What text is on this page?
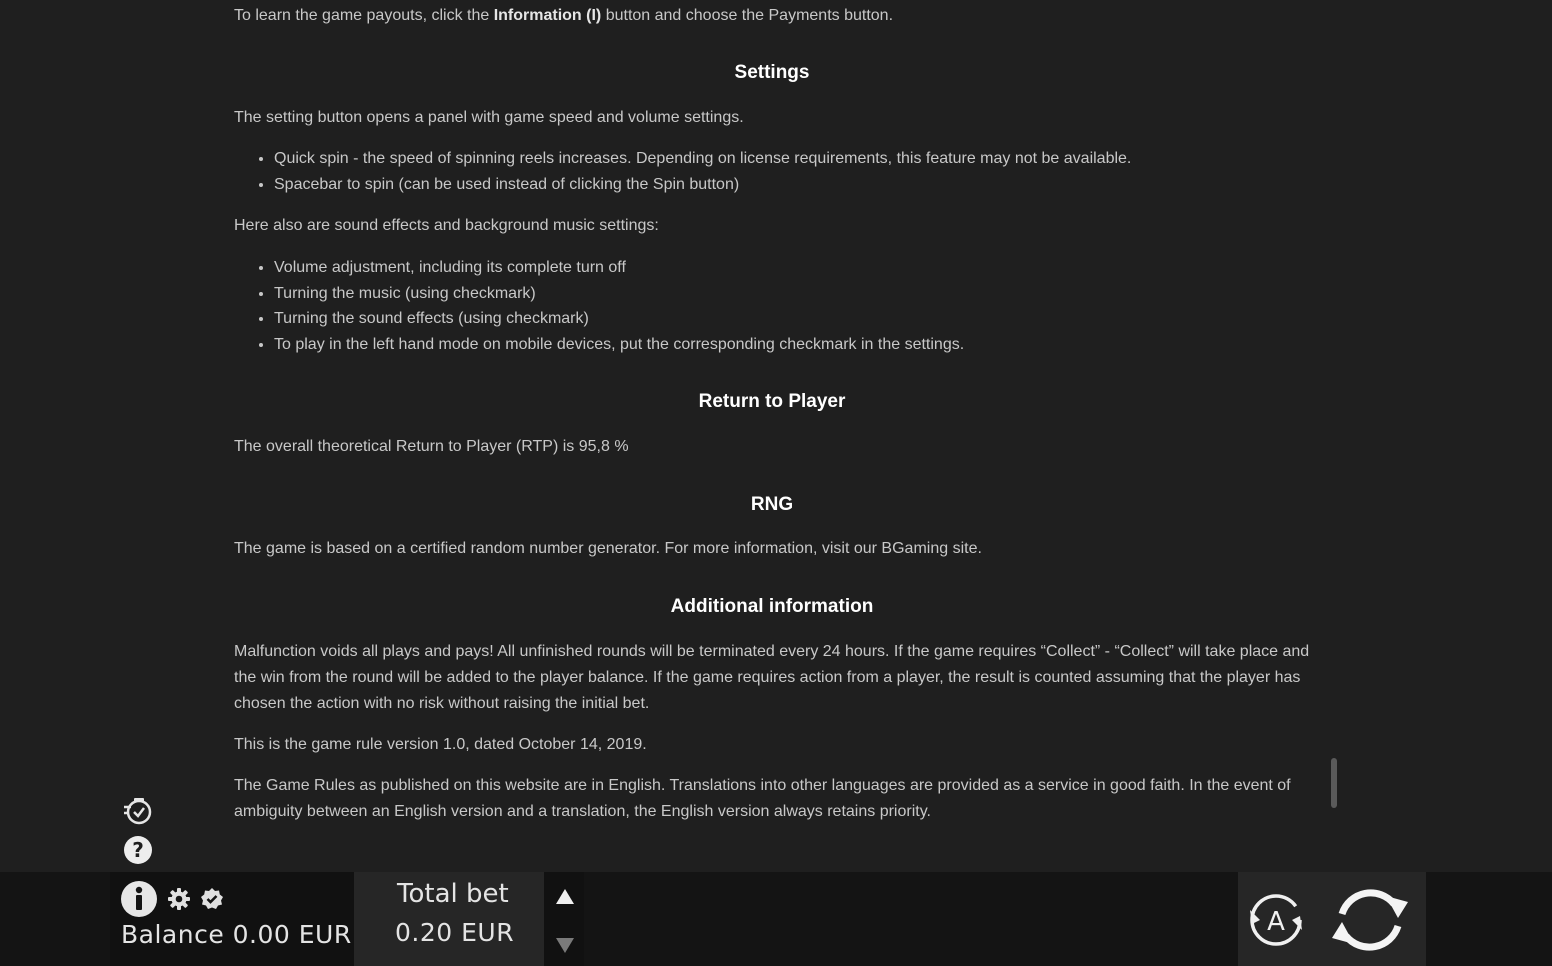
To learn the game payouts, click the Information (I) button and choose the Payments button.

Settings

The setting button opens a panel with game speed and volume settings.

• Quick spin - the speed of spinning reels increases. Depending on license requirements, this feature may not be available.
• Spacebar to spin (can be used instead of clicking the Spin button)

Here also are sound effects and background music settings:

• Volume adjustment, including its complete turn off
• Turning the music (using checkmark)
• Turning the sound effects (using checkmark)
• To play in the left hand mode on mobile devices, put the corresponding checkmark in the settings.
Return to Player

The overall theoretical Return to Player (RTP) is 95,8 %

RNG

The game is based on a certified random number generator. For more information, visit our BGaming site.

Additional information

Malfunction voids all plays and pays! All unfinished rounds will be terminated every 24 hours. If the game requires “Collect” - “Collect” will take place and the win from the round will be added to the player balance. If the game requires action from a player, the result is counted assuming that the player has chosen the action with no risk without raising the initial bet.

This is the game rule version 1.0, dated October 14, 2019.

The Game Rules as published on this website are in English. Translations into other languages are provided as a service in good faith. In the event of ambiguity between an English version and a translation, the English version always retains priority.

?
Balance 0.00 EUR
Total bet
0.20 EUR	A
